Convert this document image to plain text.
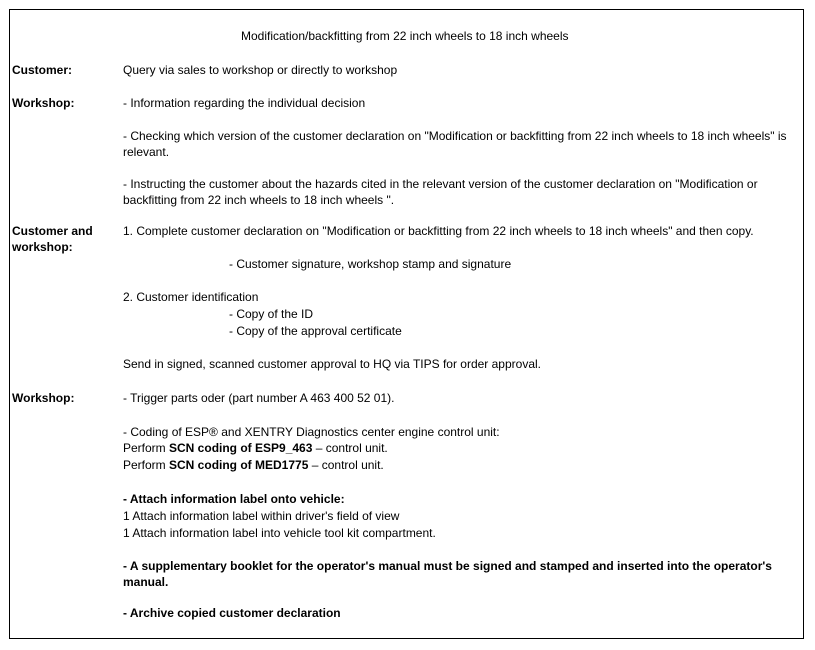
Modification/backfitting from 22 inch wheels to 18 inch wheels
Customer:	Query via sales to workshop or directly to workshop
Workshop:	- Information regarding the individual decision
- Checking which version of the customer declaration on "Modification or backfitting from 22 inch wheels to 18 inch wheels" is relevant.
- Instructing the customer about the hazards cited in the relevant version of the customer declaration on "Modification or backfitting from 22 inch wheels to 18 inch wheels ".
Customer and
workshop:
1. Complete customer declaration on "Modification or backfitting from 22 inch wheels to 18 inch wheels" and then copy.
- Customer signature, workshop stamp and signature
2. Customer identification
- Copy of the ID
- Copy of the approval certificate
Send in signed, scanned customer approval to HQ via TIPS for order approval.
Workshop:	- Trigger parts oder (part number A 463 400 52 01).
- Coding of ESP® and XENTRY Diagnostics center engine control unit:
Perform SCN coding of ESP9_463 – control unit.
Perform SCN coding of MED1775 – control unit.
- Attach information label onto vehicle:
1 Attach information label within driver's field of view
1 Attach information label into vehicle tool kit compartment.
- A supplementary booklet for the operator's manual must be signed and stamped and inserted into the operator's manual.
- Archive copied customer declaration
